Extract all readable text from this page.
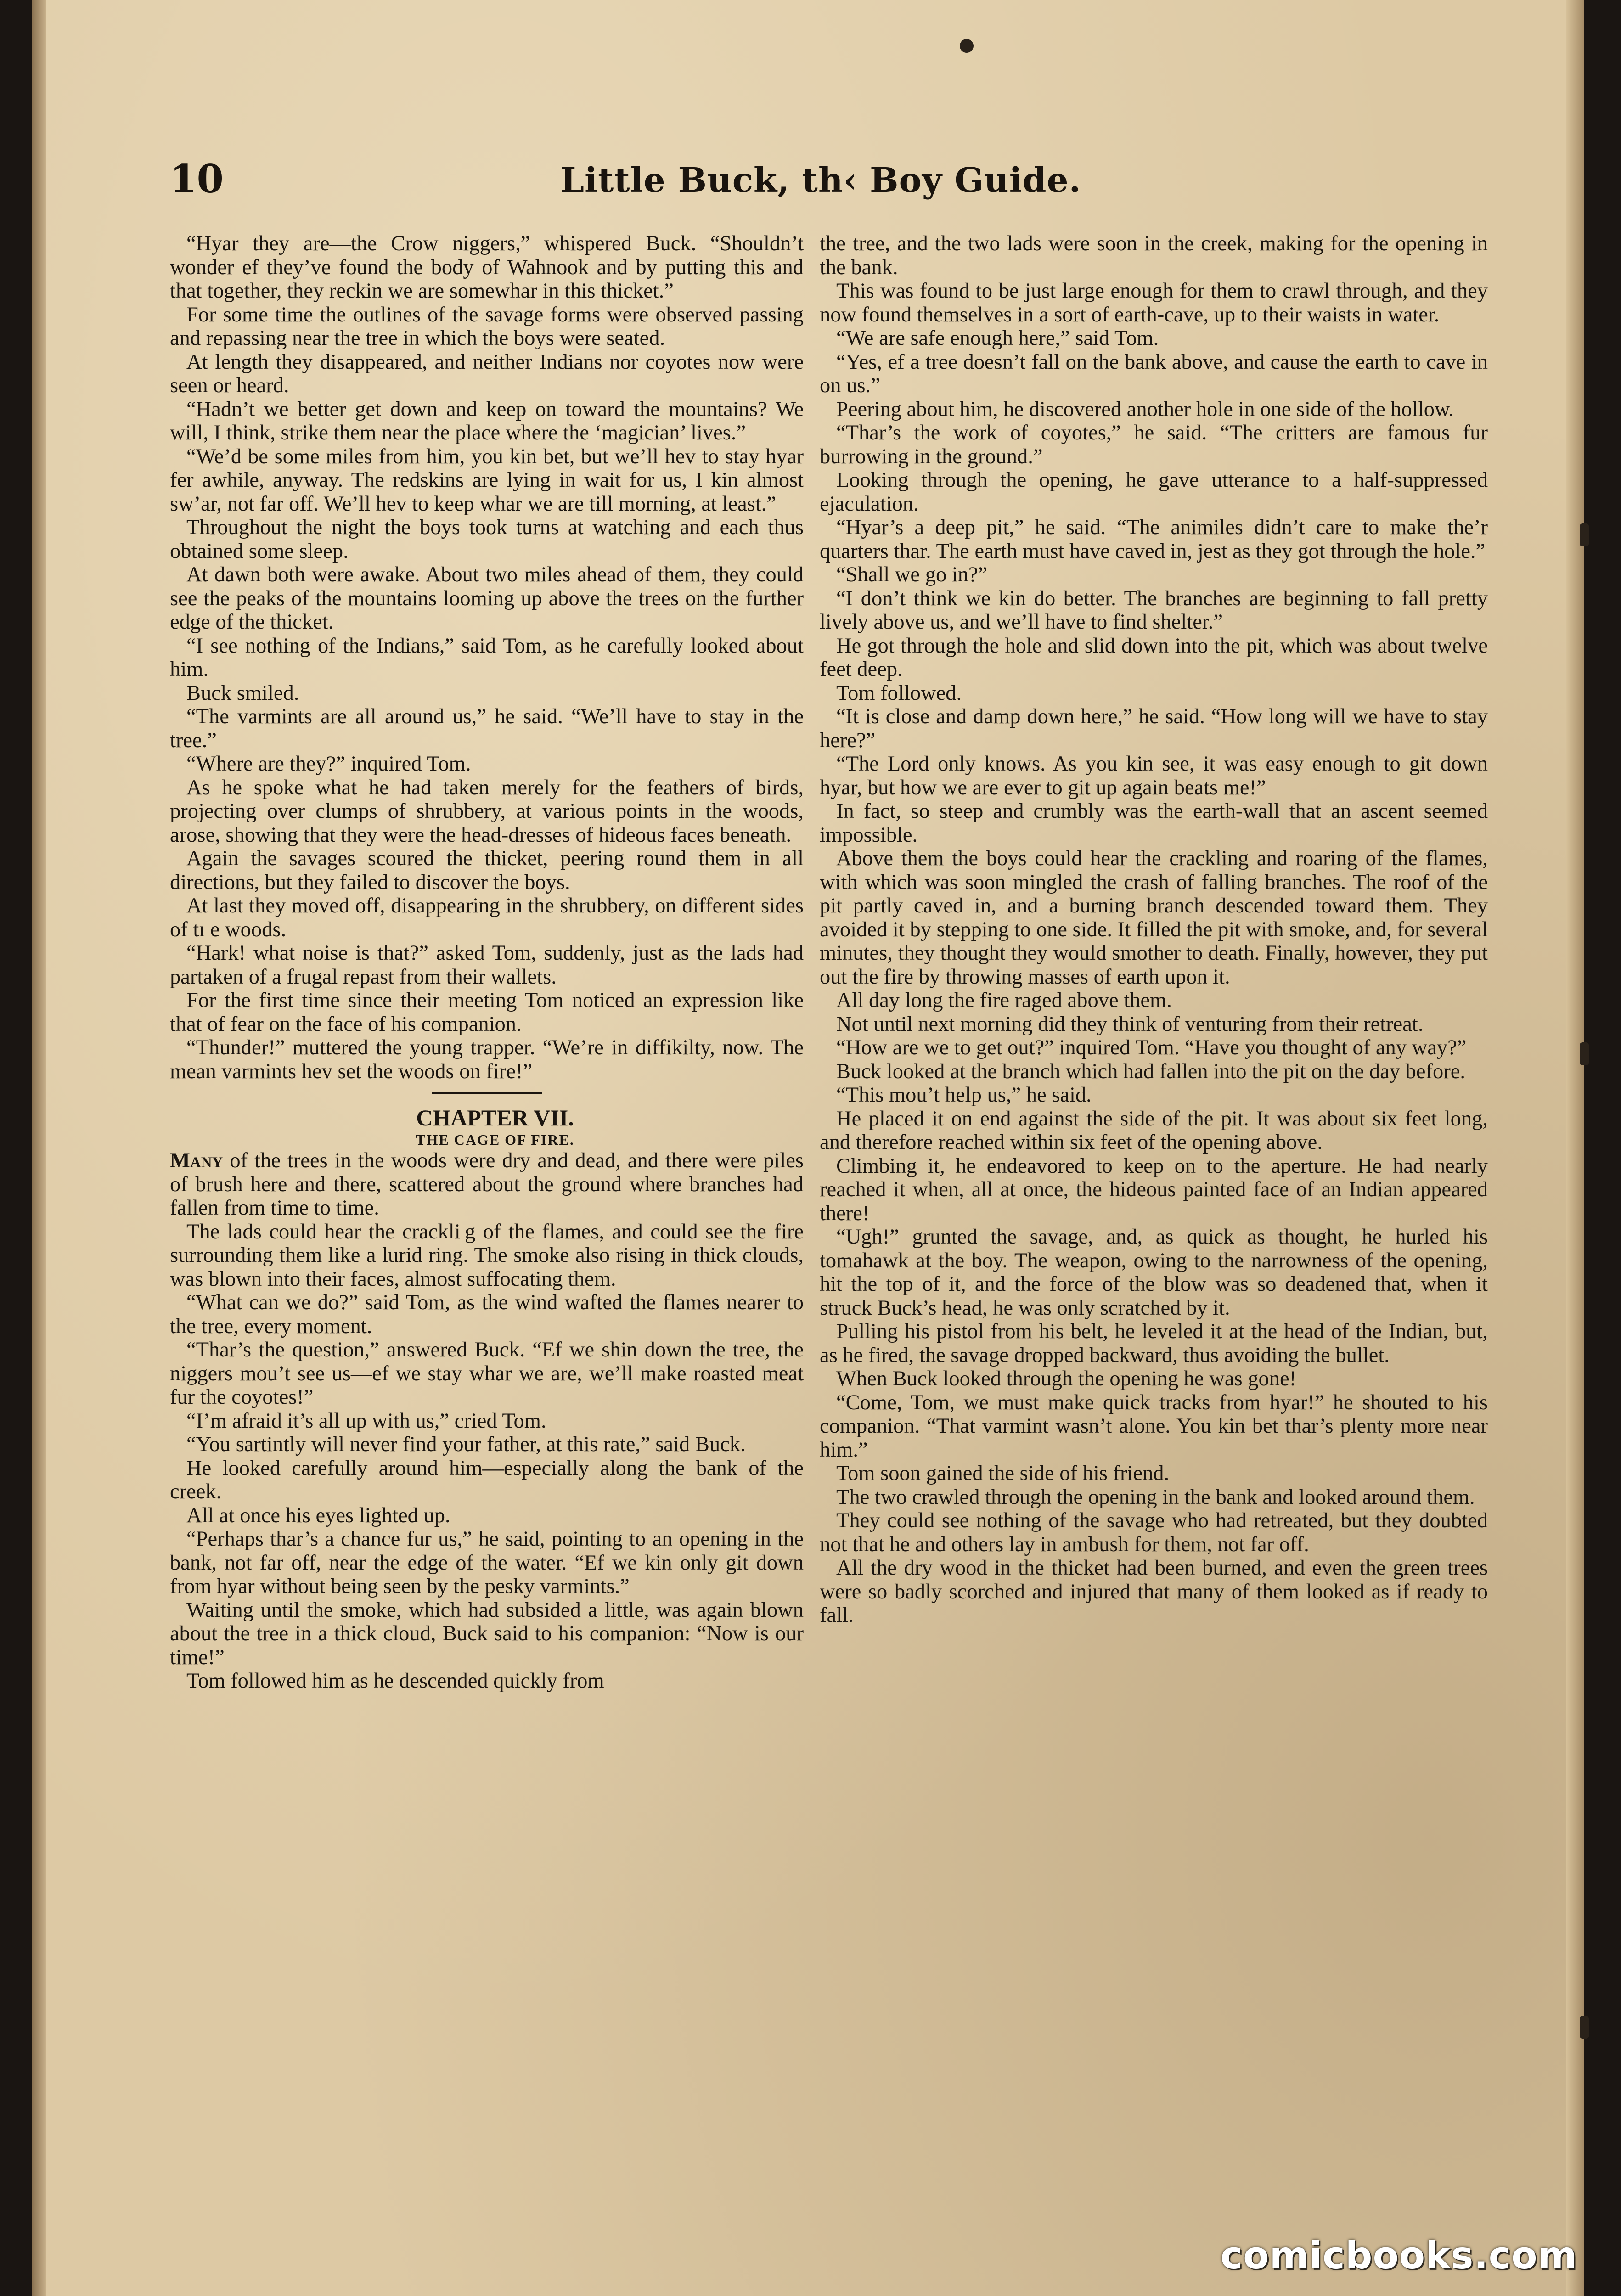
10	Little Buck, th‹ Boy Guide.

“Hyar they are—the Crow niggers,” whispered Buck. “Shouldn’t wonder ef they’ve found the body of Wahnook and by putting this and that together, they reckin we are somewhar in this thicket.”

For some time the outlines of the savage forms were observed passing and repassing near the tree in which the boys were seated.

At length they disappeared, and neither Indians nor coyotes now were seen or heard.

“Hadn’t we better get down and keep on toward the mountains? We will, I think, strike them near the place where the ‘magician’ lives.”

“We’d be some miles from him, you kin bet, but we’ll hev to stay hyar fer awhile, anyway. The redskins are lying in wait for us, I kin almost sw’ar, not far off. We’ll hev to keep whar we are till morning, at least.”

Throughout the night the boys took turns at watching and each thus obtained some sleep.

At dawn both were awake. About two miles ahead of them, they could see the peaks of the mountains looming up above the trees on the further edge of the thicket.

“I see nothing of the Indians,” said Tom, as he carefully looked about him.

Buck smiled.

“The varmints are all around us,” he said. “We’ll have to stay in the tree.”

“Where are they?” inquired Tom.

As he spoke what he had taken merely for the feathers of birds, projecting over clumps of shrubbery, at various points in the woods, arose, showing that they were the head-dresses of hideous faces beneath.

Again the savages scoured the thicket, peering round them in all directions, but they failed to discover the boys.

At last they moved off, disappearing in the shrubbery, on different sides of tı e woods.

“Hark! what noise is that?” asked Tom, suddenly, just as the lads had partaken of a frugal repast from their wallets.

For the first time since their meeting Tom noticed an expression like that of fear on the face of his companion.

“Thunder!” muttered the young trapper. “We’re in diffikilty, now. The mean varmints hev set the woods on fire!”

CHAPTER VII.

THE CAGE OF FIRE.

Many of the trees in the woods were dry and dead, and there were piles of brush here and there, scattered about the ground where branches had fallen from time to time.

The lads could hear the crackli g of the flames, and could see the fire surrounding them like a lurid ring. The smoke also rising in thick clouds, was blown into their faces, almost suffocating them.

“What can we do?” said Tom, as the wind wafted the flames nearer to the tree, every moment.

“Thar’s the question,” answered Buck. “Ef we shin down the tree, the niggers mou’t see us—ef we stay whar we are, we’ll make roasted meat fur the coyotes!”

“I’m afraid it’s all up with us,” cried Tom.

“You sartintly will never find your father, at this rate,” said Buck.

He looked carefully around him—especially along the bank of the creek.

All at once his eyes lighted up.

“Perhaps thar’s a chance fur us,” he said, pointing to an opening in the bank, not far off, near the edge of the water. “Ef we kin only git down from hyar without being seen by the pesky varmints.”

Waiting until the smoke, which had subsided a little, was again blown about the tree in a thick cloud, Buck said to his companion: “Now is our time!”

Tom followed him as he descended quickly from

the tree, and the two lads were soon in the creek, making for the opening in the bank.

This was found to be just large enough for them to crawl through, and they now found themselves in a sort of earth-cave, up to their waists in water.

“We are safe enough here,” said Tom.

“Yes, ef a tree doesn’t fall on the bank above, and cause the earth to cave in on us.”

Peering about him, he discovered another hole in one side of the hollow.

“Thar’s the work of coyotes,” he said. “The critters are famous fur burrowing in the ground.”

Looking through the opening, he gave utterance to a half-suppressed ejaculation.

“Hyar’s a deep pit,” he said. “The animiles didn’t care to make the’r quarters thar. The earth must have caved in, jest as they got through the hole.”

“Shall we go in?”

“I don’t think we kin do better. The branches are beginning to fall pretty lively above us, and we’ll have to find shelter.”

He got through the hole and slid down into the pit, which was about twelve feet deep.

Tom followed.

“It is close and damp down here,” he said. “How long will we have to stay here?”

“The Lord only knows. As you kin see, it was easy enough to git down hyar, but how we are ever to git up again beats me!”

In fact, so steep and crumbly was the earth-wall that an ascent seemed impossible.

Above them the boys could hear the crackling and roaring of the flames, with which was soon mingled the crash of falling branches. The roof of the pit partly caved in, and a burning branch descended toward them. They avoided it by stepping to one side. It filled the pit with smoke, and, for several minutes, they thought they would smother to death. Finally, however, they put out the fire by throwing masses of earth upon it.

All day long the fire raged above them.

Not until next morning did they think of venturing from their retreat.

“How are we to get out?” inquired Tom. “Have you thought of any way?”

Buck looked at the branch which had fallen into the pit on the day before.

“This mou’t help us,” he said.

He placed it on end against the side of the pit. It was about six feet long, and therefore reached within six feet of the opening above.

Climbing it, he endeavored to keep on to the aperture. He had nearly reached it when, all at once, the hideous painted face of an Indian appeared there!

“Ugh!” grunted the savage, and, as quick as thought, he hurled his tomahawk at the boy. The weapon, owing to the narrowness of the opening, hit the top of it, and the force of the blow was so deadened that, when it struck Buck’s head, he was only scratched by it.

Pulling his pistol from his belt, he leveled it at the head of the Indian, but, as he fired, the savage dropped backward, thus avoiding the bullet.

When Buck looked through the opening he was gone!

“Come, Tom, we must make quick tracks from hyar!” he shouted to his companion. “That varmint wasn’t alone. You kin bet thar’s plenty more near him.”

Tom soon gained the side of his friend.

The two crawled through the opening in the bank and looked around them.

They could see nothing of the savage who had retreated, but they doubted not that he and others lay in ambush for them, not far off.

All the dry wood in the thicket had been burned, and even the green trees were so badly scorched and injured that many of them looked as if ready to fall.

comicbooks.com
